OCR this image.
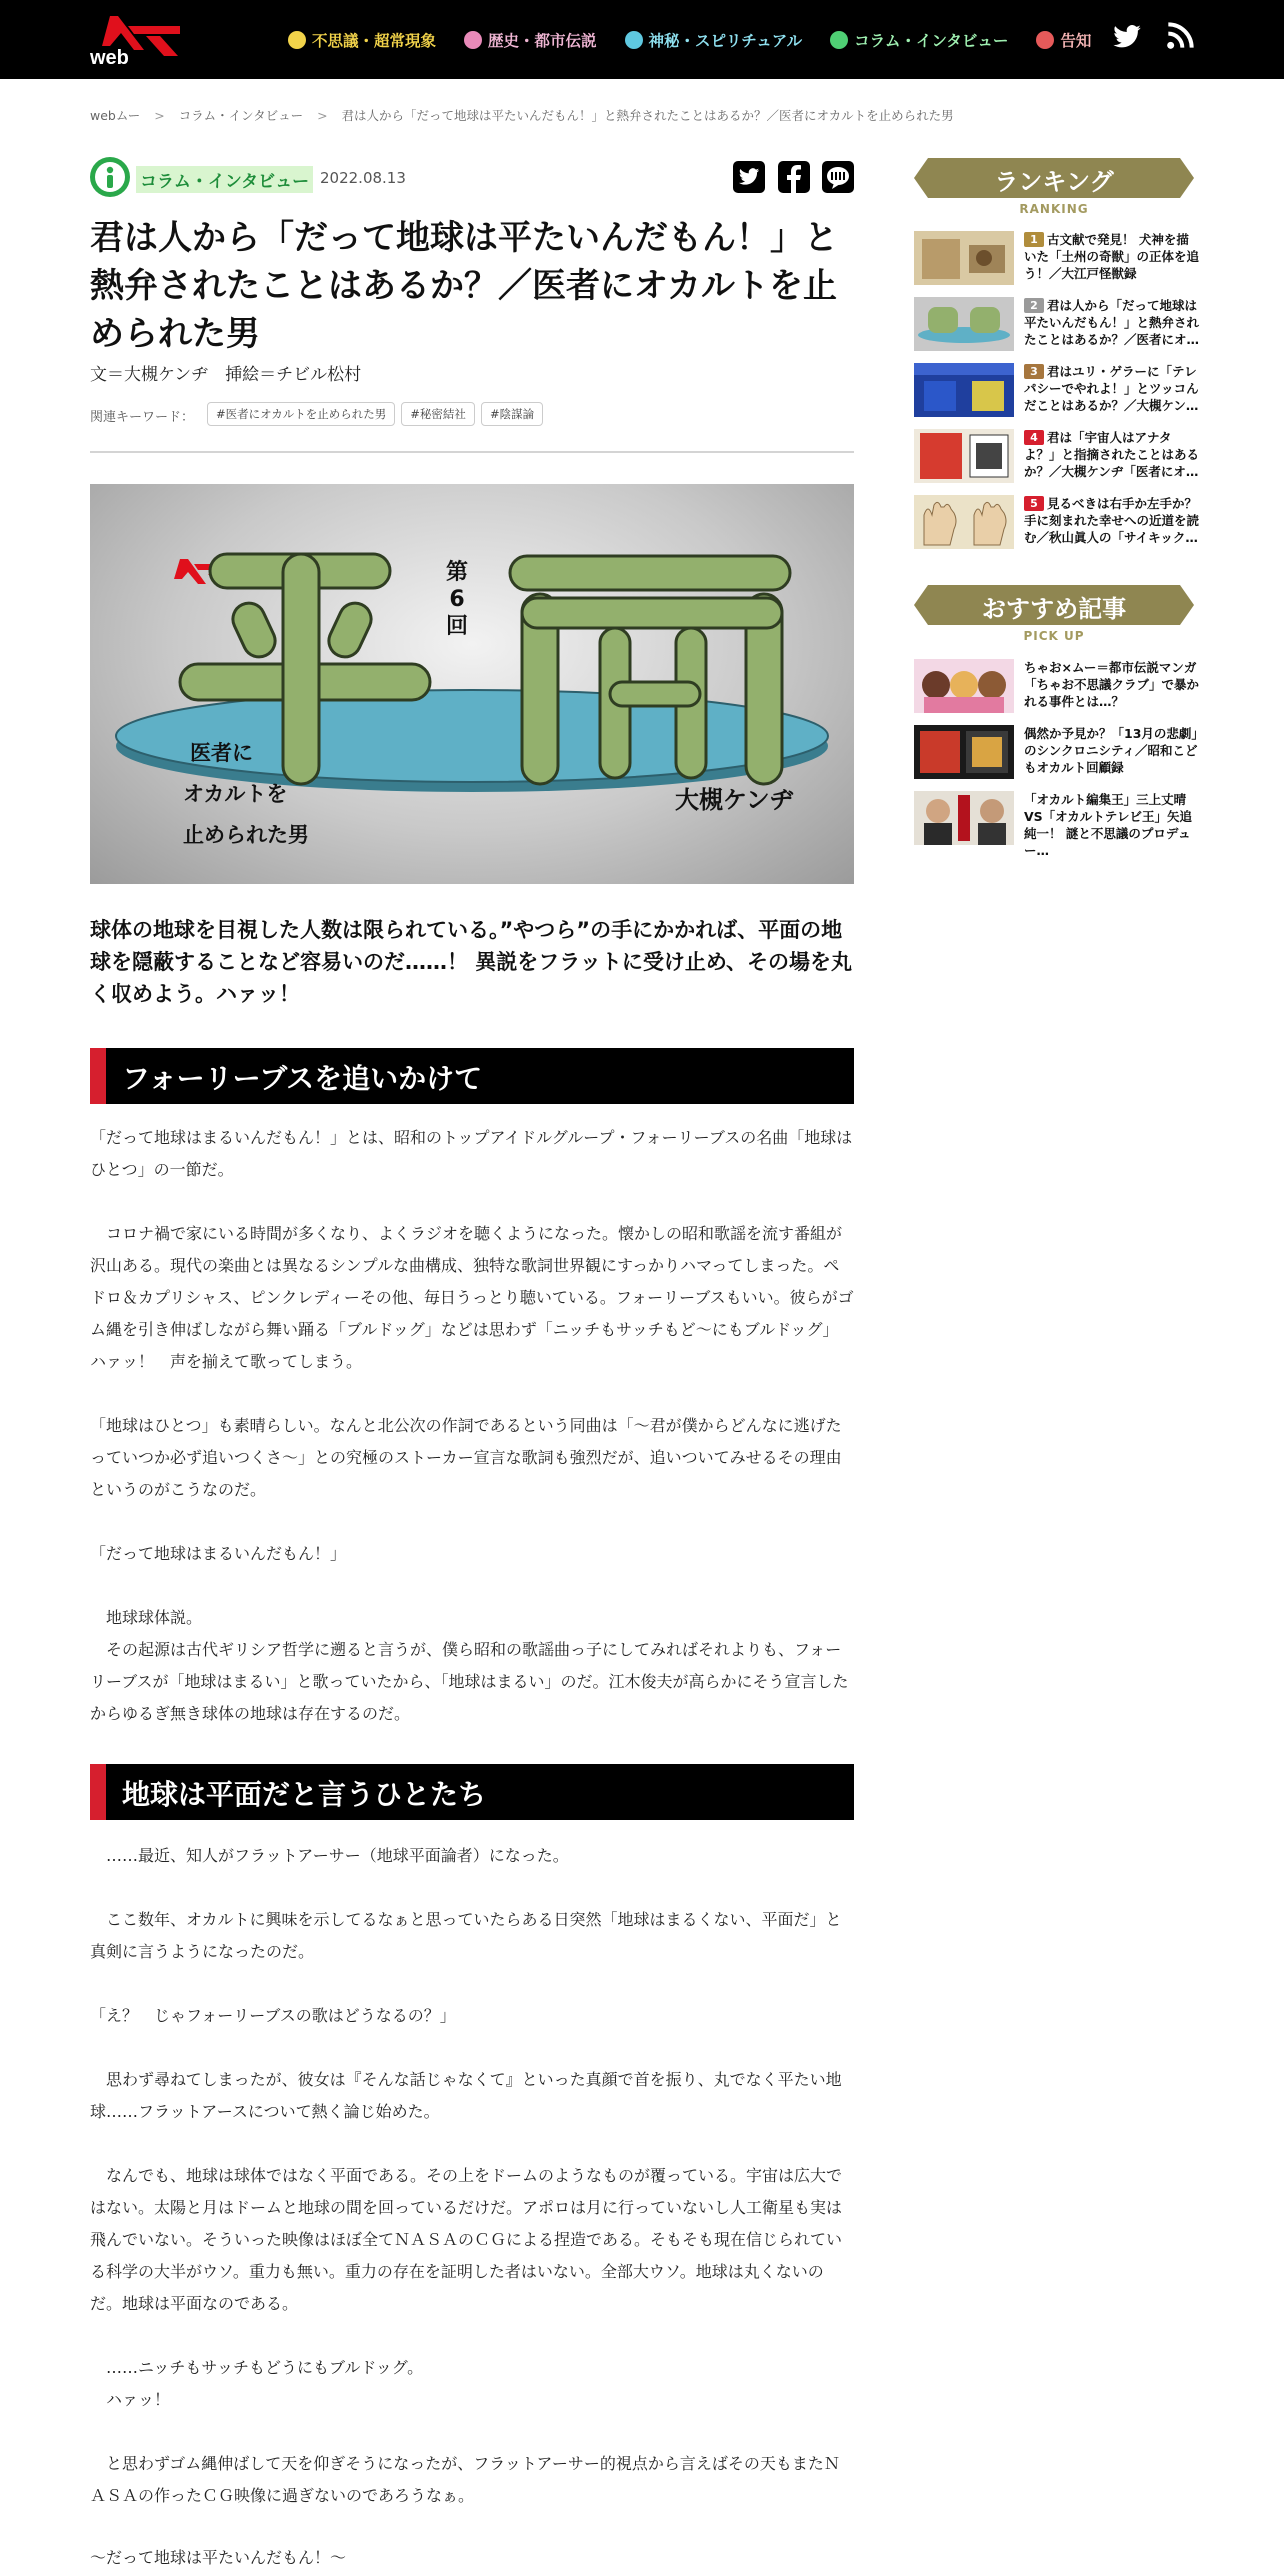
web
不思議・超常現象	歴史・都市伝説	神秘・スピリチュアル	コラム・インタビュー	告知
webムー > コラム・インタビュー > 君は人から「だって地球は平たいんだもん！」と熱弁されたことはあるか？／医者にオカルトを止められた男
コラム・インタビュー 2022.08.13
君は人から「だって地球は平たいんだもん！」と熱弁されたことはあるか？／医者にオカルトを止められた男
文＝大槻ケンヂ　挿絵＝チビル松村
関連キーワード：	#医者にオカルトを止められた男	#秘密結社	#陰謀論
第
6
回
医者に
オカルトを
止められた男
大槻ケンヂ
球体の地球を目視した人数は限られている。”やつら”の手にかかれば、平面の地球を隠蔽することなど容易いのだ……！ 異説をフラットに受け止め、その場を丸く収めよう。ハァッ！
フォーリーブスを追いかけて

「だって地球はまるいんだもん！」とは、昭和のトップアイドルグループ・フォーリーブスの名曲「地球はひとつ」の一節だ。

　コロナ禍で家にいる時間が多くなり、よくラジオを聴くようになった。懐かしの昭和歌謡を流す番組が沢山ある。現代の楽曲とは異なるシンプルな曲構成、独特な歌詞世界観にすっかりハマってしまった。ペドロ＆カプリシャス、ピンクレディーその他、毎日うっとり聴いている。フォーリーブスもいい。彼らがゴム縄を引き伸ばしながら舞い踊る「ブルドッグ」などは思わず「ニッチもサッチもど〜にもブルドッグ」ハァッ！　声を揃えて歌ってしまう。

「地球はひとつ」も素晴らしい。なんと北公次の作詞であるという同曲は「〜君が僕からどんなに逃げたっていつか必ず追いつくさ〜」との究極のストーカー宣言な歌詞も強烈だが、追いついてみせるその理由というのがこうなのだ。

「だって地球はまるいんだもん！」

　地球球体説。
　その起源は古代ギリシア哲学に遡ると言うが、僕ら昭和の歌謡曲っ子にしてみればそれよりも、フォーリーブスが「地球はまるい」と歌っていたから、「地球はまるい」のだ。江木俊夫が高らかにそう宣言したからゆるぎ無き球体の地球は存在するのだ。

地球は平面だと言うひとたち

　……最近、知人がフラットアーサー（地球平面論者）になった。

　ここ数年、オカルトに興味を示してるなぁと思っていたらある日突然「地球はまるくない、平面だ」と真剣に言うようになったのだ。

「え？　じゃフォーリーブスの歌はどうなるの？」

　思わず尋ねてしまったが、彼女は『そんな話じゃなくて』といった真顔で首を振り、丸でなく平たい地球……フラットアースについて熱く論じ始めた。

　なんでも、地球は球体ではなく平面である。その上をドームのようなものが覆っている。宇宙は広大ではない。太陽と月はドームと地球の間を回っているだけだ。アポロは月に行っていないし人工衛星も実は飛んでいない。そういった映像はほぼ全てＮＡＳＡのＣＧによる捏造である。そもそも現在信じられている科学の大半がウソ。重力も無い。重力の存在を証明した者はいない。全部大ウソ。地球は丸くないのだ。地球は平面なのである。

　……ニッチもサッチもどうにもブルドッグ。
　ハァッ！

　と思わずゴム縄伸ばして天を仰ぎそうになったが、フラットアーサー的視点から言えばその天もまたＮＡＳＡの作ったＣＧ映像に過ぎないのであろうなぁ。

〜だって地球は平たいんだもん！〜

ランキング
RANKING
1 古文献で発見！ 犬神を描いた「土州の奇獣」の正体を追う！／大江戸怪獣録
2 君は人から「だって地球は平たいんだもん！」と熱弁されたことはあるか？／医者にオ…
3 君はユリ・ゲラーに「テレパシーでやれよ！」とツッコんだことはあるか？／大槻ケン…
4 君は「宇宙人はアナタよ？」と指摘されたことはあるか？／大槻ケンヂ「医者にオ…
5 見るべきは右手か左手か？手に刻まれた幸せへの近道を読む／秋山眞人の「サイキック…
おすすめ記事
PICK UP
ちゃお×ムー＝都市伝説マンガ「ちゃお不思議クラブ」で暴かれる事件とは…？
偶然か予見か？「13月の悲劇」のシンクロニシティ／昭和こどもオカルト回顧録
「オカルト編集王」三上丈晴VS「オカルトテレビ王」矢追純一！ 謎と不思議のプロデュー…
